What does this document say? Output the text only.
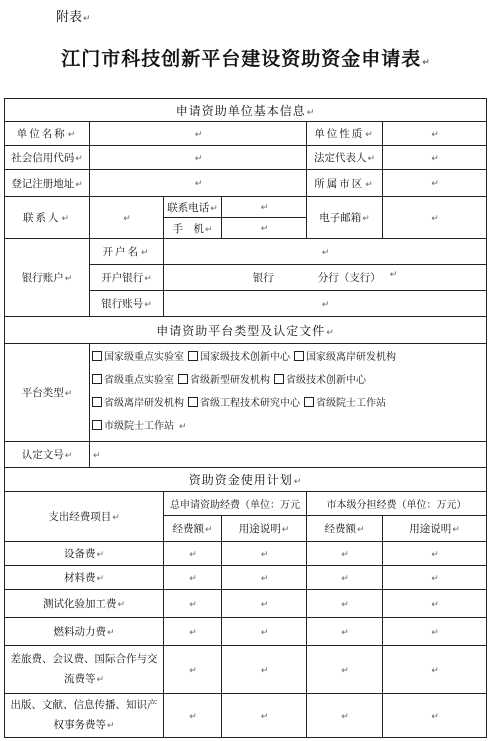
附表↵
江门市科技创新平台建设资助资金申请表↵
申请资助单位基本信息↵					
单位名称↵	↵			单位性质↵	↵
社会信用代码↵	↵			法定代表人↵	↵
登记注册地址↵	↵			所属市区↵	↵
联系人↵	↵	联系电话↵	↵	电子邮箱↵	↵
		手　机↵	↵		
银行账户↵	开户名↵	↵			
	开户银行↵	银行 分行（支行） ↵			

	银行账号↵	↵			
申请资助平台类型及认定文件↵					
平台类型↵	国家级重点实验室 国家级技术创新中心 国家级离岸研发机构
省级重点实验室 省级新型研发机构 省级技术创新中心
省级离岸研发机构 省级工程技术研究中心 省级院士工作站
市级院士工作站 ↵				
认定文号↵	↵				
资助资金使用计划↵					
支出经费项目↵		总申请资助经费（单位：万元		市本级分担经费（单位：万元）	
		经费额↵	用途说明↵	经费额↵	用途说明↵
设备费↵		↵	↵	↵	↵
材料费↵		↵	↵	↵	↵
测试化验加工费↵		↵	↵	↵	↵
燃料动力费↵		↵	↵	↵	↵
差旅费、会议费、国际合作与交流费等↵		↵	↵	↵	↵
出版、文献、信息传播、知识产权事务费等↵		↵	↵	↵	↵
